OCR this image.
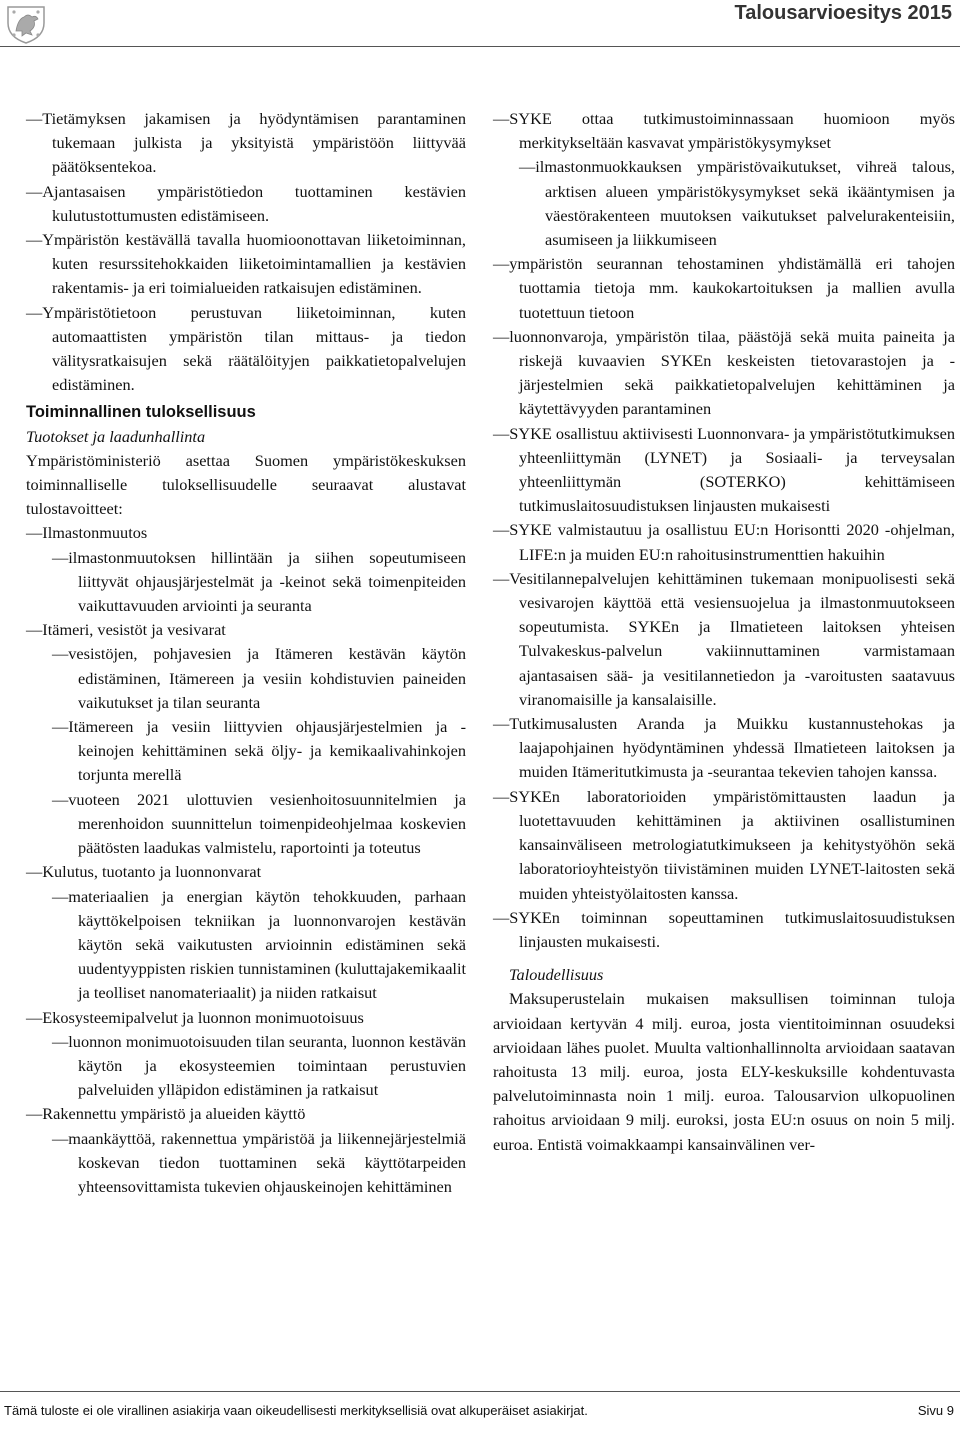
Talousarvioesitys 2015

—Tietämyksen jakamisen ja hyödyntämisen parantaminen tukemaan julkista ja yksityistä ympäristöön liittyvää päätöksentekoa.

—Ajantasaisen ympäristötiedon tuottaminen kestävien kulutustottumusten edistämiseen.

—Ympäristön kestävällä tavalla huomioonottavan liiketoiminnan, kuten resurssitehokkaiden liiketoimintamallien ja kestävien rakentamis- ja eri toimialueiden ratkaisujen edistäminen.

—Ympäristötietoon perustuvan liiketoiminnan, kuten automaattisten ympäristön tilan mittaus- ja tiedon välitysratkaisujen sekä räätälöityjen paikkatietopalvelujen edistäminen.

Toiminnallinen tuloksellisuus

Tuotokset ja laadunhallinta

Ympäristöministeriö asettaa Suomen ympäristökeskuksen toiminnalliselle tuloksellisuudelle seuraavat alustavat tulostavoitteet:

—Ilmastonmuutos

—ilmastonmuutoksen hillintään ja siihen sopeutumiseen liittyvät ohjausjärjestelmät ja -keinot sekä toimenpiteiden vaikuttavuuden arviointi ja seuranta

—Itämeri, vesistöt ja vesivarat

—vesistöjen, pohjavesien ja Itämeren kestävän käytön edistäminen, Itämereen ja vesiin kohdistuvien paineiden vaikutukset ja tilan seuranta

—Itämereen ja vesiin liittyvien ohjausjärjestelmien ja -keinojen kehittäminen sekä öljy- ja kemikaalivahinkojen torjunta merellä

—vuoteen 2021 ulottuvien vesienhoitosuunnitelmien ja merenhoidon suunnittelun toimenpideohjelmaa koskevien päätösten laadukas valmistelu, raportointi ja toteutus

—Kulutus, tuotanto ja luonnonvarat

—materiaalien ja energian käytön tehokkuuden, parhaan käyttökelpoisen tekniikan ja luonnonvarojen kestävän käytön sekä vaikutusten arvioinnin edistäminen sekä uudentyyppisten riskien tunnistaminen (kuluttajakemikaalit ja teolliset nanomateriaalit) ja niiden ratkaisut

—Ekosysteemipalvelut ja luonnon monimuotoisuus

—luonnon monimuotoisuuden tilan seuranta, luonnon kestävän käytön ja ekosysteemien toimintaan perustuvien palveluiden ylläpidon edistäminen ja ratkaisut

—Rakennettu ympäristö ja alueiden käyttö

—maankäyttöä, rakennettua ympäristöä ja liikennejärjestelmiä koskevan tiedon tuottaminen sekä käyttötarpeiden yhteensovittamista tukevien ohjauskeinojen kehittäminen

—SYKE ottaa tutkimustoiminnassaan huomioon myös merkitykseltään kasvavat ympäristökysymykset

—ilmastonmuokkauksen ympäristövaikutukset, vihreä talous, arktisen alueen ympäristökysymykset sekä ikääntymisen ja väestörakenteen muutoksen vaikutukset palvelurakenteisiin, asumiseen ja liikkumiseen

—ympäristön seurannan tehostaminen yhdistämällä eri tahojen tuottamia tietoja mm. kaukokartoituksen ja mallien avulla tuotettuun tietoon

—luonnonvaroja, ympäristön tilaa, päästöjä sekä muita paineita ja riskejä kuvaavien SYKEn keskeisten tietovarastojen ja -järjestelmien sekä paikkatietopalvelujen kehittäminen ja käytettävyyden parantaminen

—SYKE osallistuu aktiivisesti Luonnonvara- ja ympäristötutkimuksen yhteenliittymän (LYNET) ja Sosiaali- ja terveysalan yhteenliittymän (SOTERKO) kehittämiseen tutkimuslaitosuudistuksen linjausten mukaisesti

—SYKE valmistautuu ja osallistuu EU:n Horisontti 2020 -ohjelman, LIFE:n ja muiden EU:n rahoitusinstrumenttien hakuihin

—Vesitilannepalvelujen kehittäminen tukemaan monipuolisesti sekä vesivarojen käyttöä että vesiensuojelua ja ilmastonmuutokseen sopeutumista. SYKEn ja Ilmatieteen laitoksen yhteisen Tulvakeskus-palvelun vakiinnuttaminen varmistamaan ajantasaisen sää- ja vesitilannetiedon ja -varoitusten saatavuus viranomaisille ja kansalaisille.

—Tutkimusalusten Aranda ja Muikku kustannustehokas ja laajapohjainen hyödyntäminen yhdessä Ilmatieteen laitoksen ja muiden Itämeritutkimusta ja -seurantaa tekevien tahojen kanssa.

—SYKEn laboratorioiden ympäristömittausten laadun ja luotettavuuden kehittäminen ja aktiivinen osallistuminen kansainväliseen metrologiatutkimukseen ja kehitystyöhön sekä laboratorioyhteistyön tiivistäminen muiden LYNET-laitosten sekä muiden yhteistyölaitosten kanssa.

—SYKEn toiminnan sopeuttaminen tutkimuslaitosuudistuksen linjausten mukaisesti.

Taloudellisuus

Maksuperustelain mukaisen maksullisen toiminnan tuloja arvioidaan kertyvän 4 milj. euroa, josta vientitoiminnan osuudeksi arvioidaan lähes puolet. Muulta valtionhallinnolta arvioidaan saatavan rahoitusta 13 milj. euroa, josta ELY-keskuksille kohdentuvasta palvelutoiminnasta noin 1 milj. euroa. Talousarvion ulkopuolinen rahoitus arvioidaan 9 milj. euroksi, josta EU:n osuus on noin 5 milj. euroa. Entistä voimakkaampi kansainvälinen ver-

Tämä tuloste ei ole virallinen asiakirja vaan oikeudellisesti merkityksellisiä ovat alkuperäiset asiakirjat.	Sivu 9
